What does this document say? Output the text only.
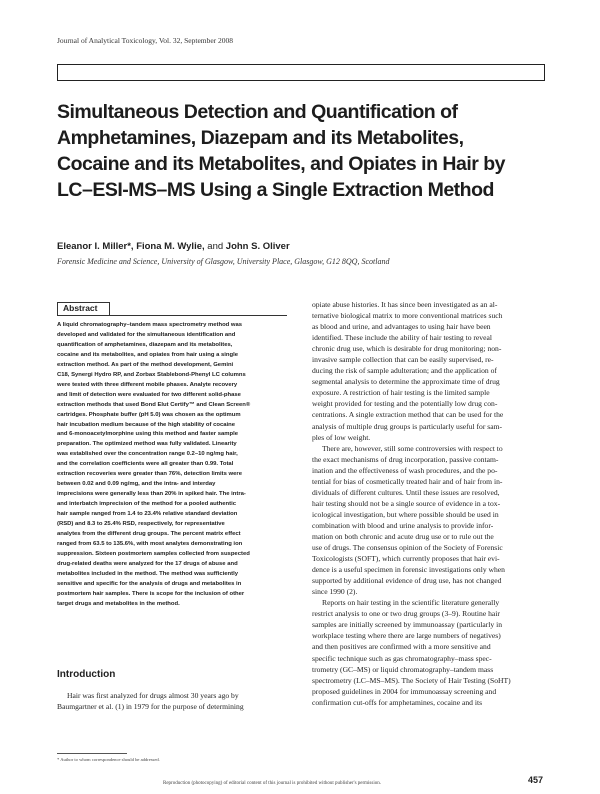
Journal of Analytical Toxicology, Vol. 32, September 2008
Simultaneous Detection and Quantification of
Amphetamines, Diazepam and its Metabolites,
Cocaine and its Metabolites, and Opiates in Hair by
LC–ESI-MS–MS Using a Single Extraction Method
Eleanor I. Miller*, Fiona M. Wylie, and John S. Oliver
Forensic Medicine and Science, University of Glasgow, University Place, Glasgow, G12 8QQ, Scotland
Abstract
A liquid chromatography–tandem mass spectrometry method was
developed and validated for the simultaneous identification and
quantification of amphetamines, diazepam and its metabolites,
cocaine and its metabolites, and opiates from hair using a single
extraction method. As part of the method development, Gemini
C18, Synergi Hydro RP, and Zorbax Stablebond-Phenyl LC columns
were tested with three different mobile phases. Analyte recovery
and limit of detection were evaluated for two different solid-phase
extraction methods that used Bond Elut Certify™ and Clean Screen®
cartridges. Phosphate buffer (pH 5.0) was chosen as the optimum
hair incubation medium because of the high stability of cocaine
and 6-monoacetylmorphine using this method and faster sample
preparation. The optimized method was fully validated. Linearity
was established over the concentration range 0.2–10 ng/mg hair,
and the correlation coefficients were all greater than 0.99. Total
extraction recoveries were greater than 76%, detection limits were
between 0.02 and 0.09 ng/mg, and the intra- and interday
imprecisions were generally less than 20% in spiked hair. The intra-
and interbatch imprecision of the method for a pooled authentic
hair sample ranged from 1.4 to 23.4% relative standard deviation
(RSD) and 8.3 to 25.4% RSD, respectively, for representative
analytes from the different drug groups. The percent matrix effect
ranged from 63.5 to 135.6%, with most analytes demonstrating ion
suppression. Sixteen postmortem samples collected from suspected
drug-related deaths were analyzed for the 17 drugs of abuse and
metabolites included in the method. The method was sufficiently
sensitive and specific for the analysis of drugs and metabolites in
postmortem hair samples. There is scope for the inclusion of other
target drugs and metabolites in the method.
Introduction
Hair was first analyzed for drugs almost 30 years ago by
Baumgartner et al. (1) in 1979 for the purpose of determining
* Author to whom correspondence should be addressed.
opiate abuse histories. It has since been investigated as an al-
ternative biological matrix to more conventional matrices such
as blood and urine, and advantages to using hair have been
identified. These include the ability of hair testing to reveal
chronic drug use, which is desirable for drug monitoring; non-
invasive sample collection that can be easily supervised, re-
ducing the risk of sample adulteration; and the application of
segmental analysis to determine the approximate time of drug
exposure. A restriction of hair testing is the limited sample
weight provided for testing and the potentially low drug con-
centrations. A single extraction method that can be used for the
analysis of multiple drug groups is particularly useful for sam-
ples of low weight.
There are, however, still some controversies with respect to
the exact mechanisms of drug incorporation, passive contam-
ination and the effectiveness of wash procedures, and the po-
tential for bias of cosmetically treated hair and of hair from in-
dividuals of different cultures. Until these issues are resolved,
hair testing should not be a single source of evidence in a tox-
icological investigation, but where possible should be used in
combination with blood and urine analysis to provide infor-
mation on both chronic and acute drug use or to rule out the
use of drugs. The consensus opinion of the Society of Forensic
Toxicologists (SOFT), which currently proposes that hair evi-
dence is a useful specimen in forensic investigations only when
supported by additional evidence of drug use, has not changed
since 1990 (2).
Reports on hair testing in the scientific literature generally
restrict analysis to one or two drug groups (3–9). Routine hair
samples are initially screened by immunoassay (particularly in
workplace testing where there are large numbers of negatives)
and then positives are confirmed with a more sensitive and
specific technique such as gas chromatography–mass spec-
trometry (GC–MS) or liquid chromatography–tandem mass
spectrometry (LC–MS–MS). The Society of Hair Testing (SoHT)
proposed guidelines in 2004 for immunoassay screening and
confirmation cut-offs for amphetamines, cocaine and its
Reproduction (photocopying) of editorial content of this journal is prohibited without publisher's permission.	457
